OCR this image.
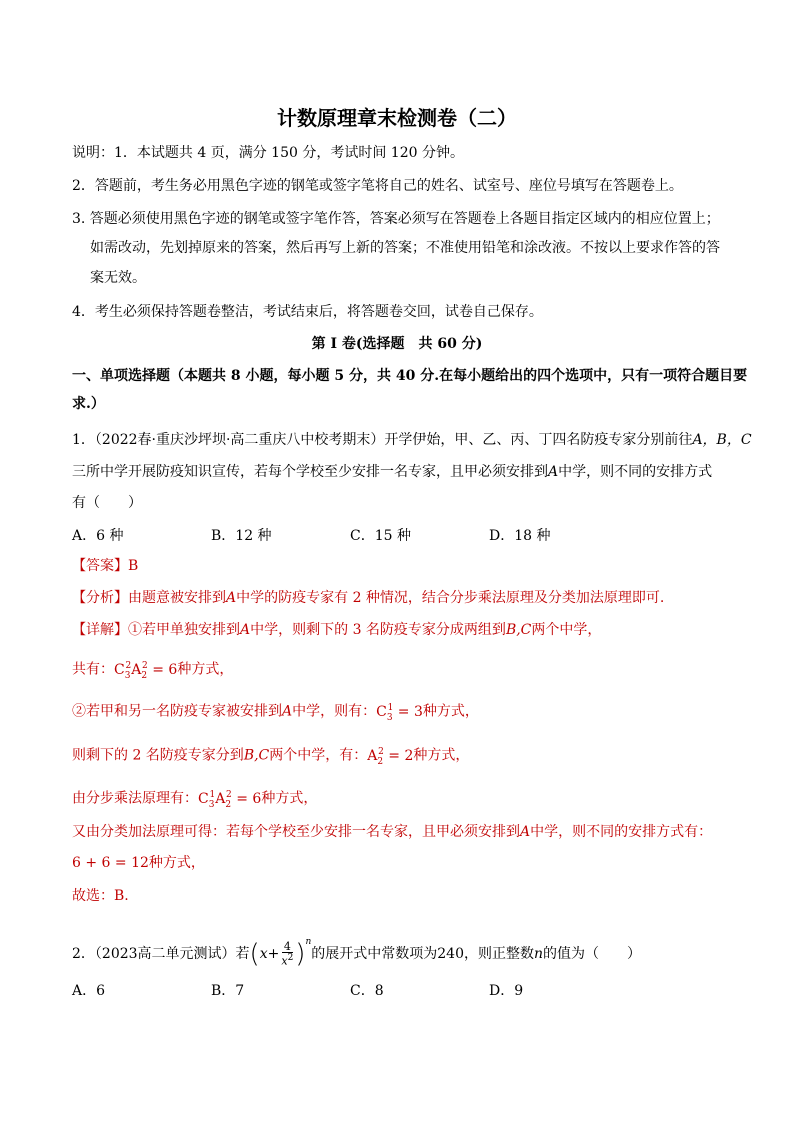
计数原理章末检测卷（二）
说明：1．本试题共 4 页，满分 150 分，考试时间 120 分钟。
2．答题前，考生务必用黑色字迹的钢笔或签字笔将自己的姓名、试室号、座位号填写在答题卷上。
3. 答题必须使用黑色字迹的钢笔或签字笔作答，答案必须写在答题卷上各题目指定区域内的相应位置上；
如需改动，先划掉原来的答案，然后再写上新的答案；不准使用铅笔和涂改液。不按以上要求作答的答
案无效。
4．考生必须保持答题卷整洁，考试结束后，将答题卷交回，试卷自己保存。
第 I 卷(选择题　共 60 分)
一、单项选择题（本题共 8 小题，每小题 5 分，共 40 分.在每小题给出的四个选项中，只有一项符合题目要
求.）
1．（2022春·重庆沙坪坝·高二重庆八中校考期末）开学伊始，甲、乙、丙、丁四名防疫专家分别前往A，B，C
三所中学开展防疫知识宣传，若每个学校至少安排一名专家，且甲必须安排到A中学，则不同的安排方式
有（　　）
A．6 种	B．12 种	C．15 种	D．18 种
【答案】B
【分析】由题意被安排到A中学的防疫专家有 2 种情况，结合分步乘法原理及分类加法原理即可.
【详解】①若甲单独安排到A中学，则剩下的 3 名防疫专家分成两组到B,C两个中学，
共有：$C_3^2A_2^2 = 6$种方式，
②若甲和另一名防疫专家被安排到A中学，则有：$C_3^1 = 3$种方式，
则剩下的 2 名防疫专家分到B,C两个中学，有：$A_2^2 = 2$种方式，
由分步乘法原理有：$C_3^1A_2^2 = 6$种方式，
又由分类加法原理可得：若每个学校至少安排一名专家，且甲必须安排到A中学，则不同的安排方式有：
6 + 6 = 12种方式，
故选：B.
2．（2023高二单元测试）若$(x+ \frac{4}{x^2} )^n$的展开式中常数项为240，则正整数n的值为（　　）
A．6	B．7	C．8	D．9
